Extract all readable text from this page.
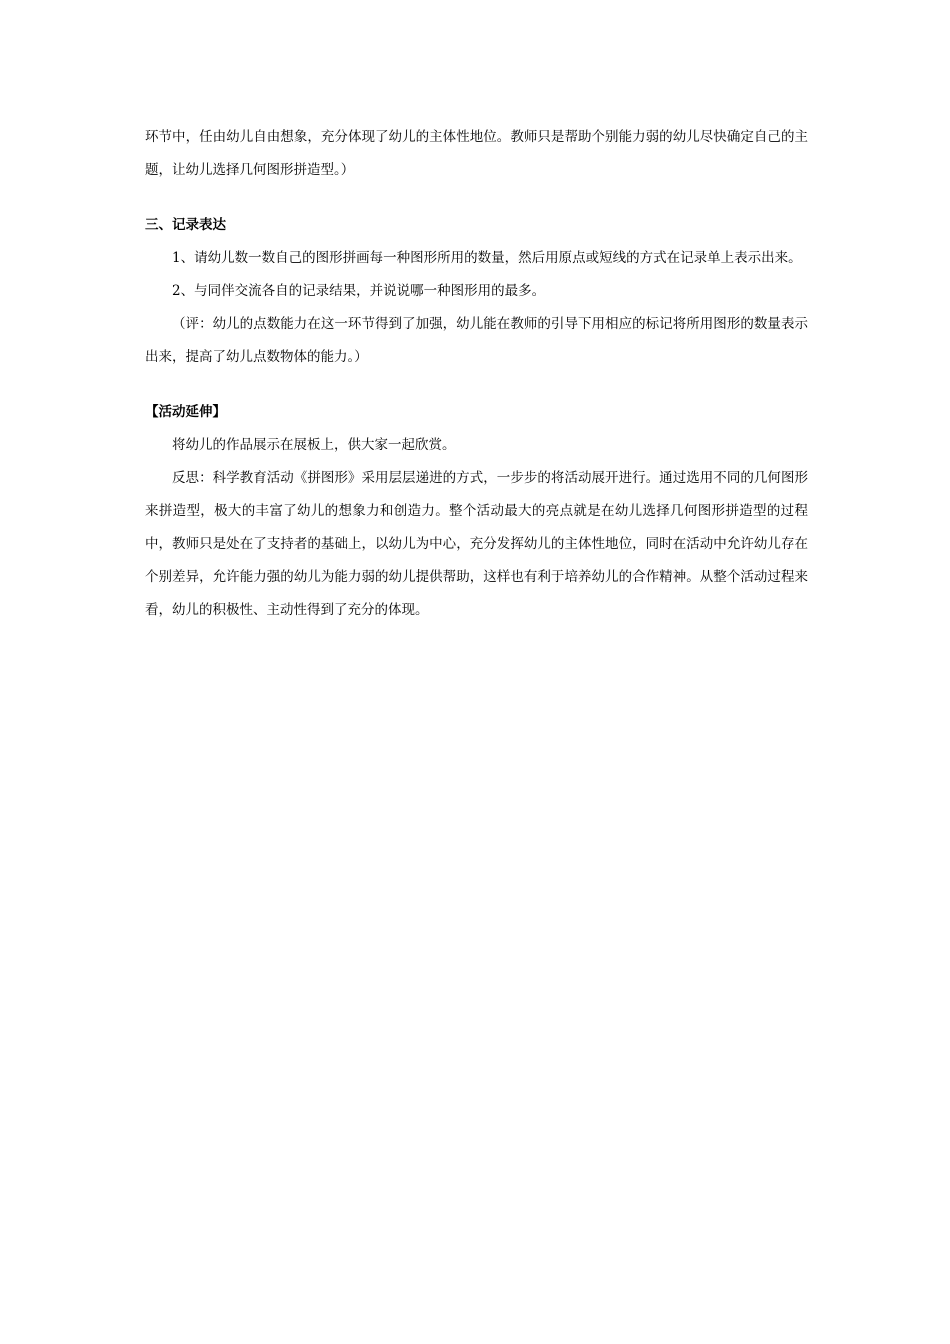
环节中，任由幼儿自由想象，充分体现了幼儿的主体性地位。教师只是帮助个别能力弱的幼儿尽快确定自己的主题，让幼儿选择几何图形拼造型。）

三、记录表达

1、请幼儿数一数自己的图形拼画每一种图形所用的数量，然后用原点或短线的方式在记录单上表示出来。

2、与同伴交流各自的记录结果，并说说哪一种图形用的最多。

（评：幼儿的点数能力在这一环节得到了加强，幼儿能在教师的引导下用相应的标记将所用图形的数量表示出来，提高了幼儿点数物体的能力。）

【活动延伸】

将幼儿的作品展示在展板上，供大家一起欣赏。

反思：科学教育活动《拼图形》采用层层递进的方式，一步步的将活动展开进行。通过选用不同的几何图形来拼造型，极大的丰富了幼儿的想象力和创造力。整个活动最大的亮点就是在幼儿选择几何图形拼造型的过程中，教师只是处在了支持者的基础上，以幼儿为中心，充分发挥幼儿的主体性地位，同时在活动中允许幼儿存在个别差异，允许能力强的幼儿为能力弱的幼儿提供帮助，这样也有利于培养幼儿的合作精神。从整个活动过程来看，幼儿的积极性、主动性得到了充分的体现。
